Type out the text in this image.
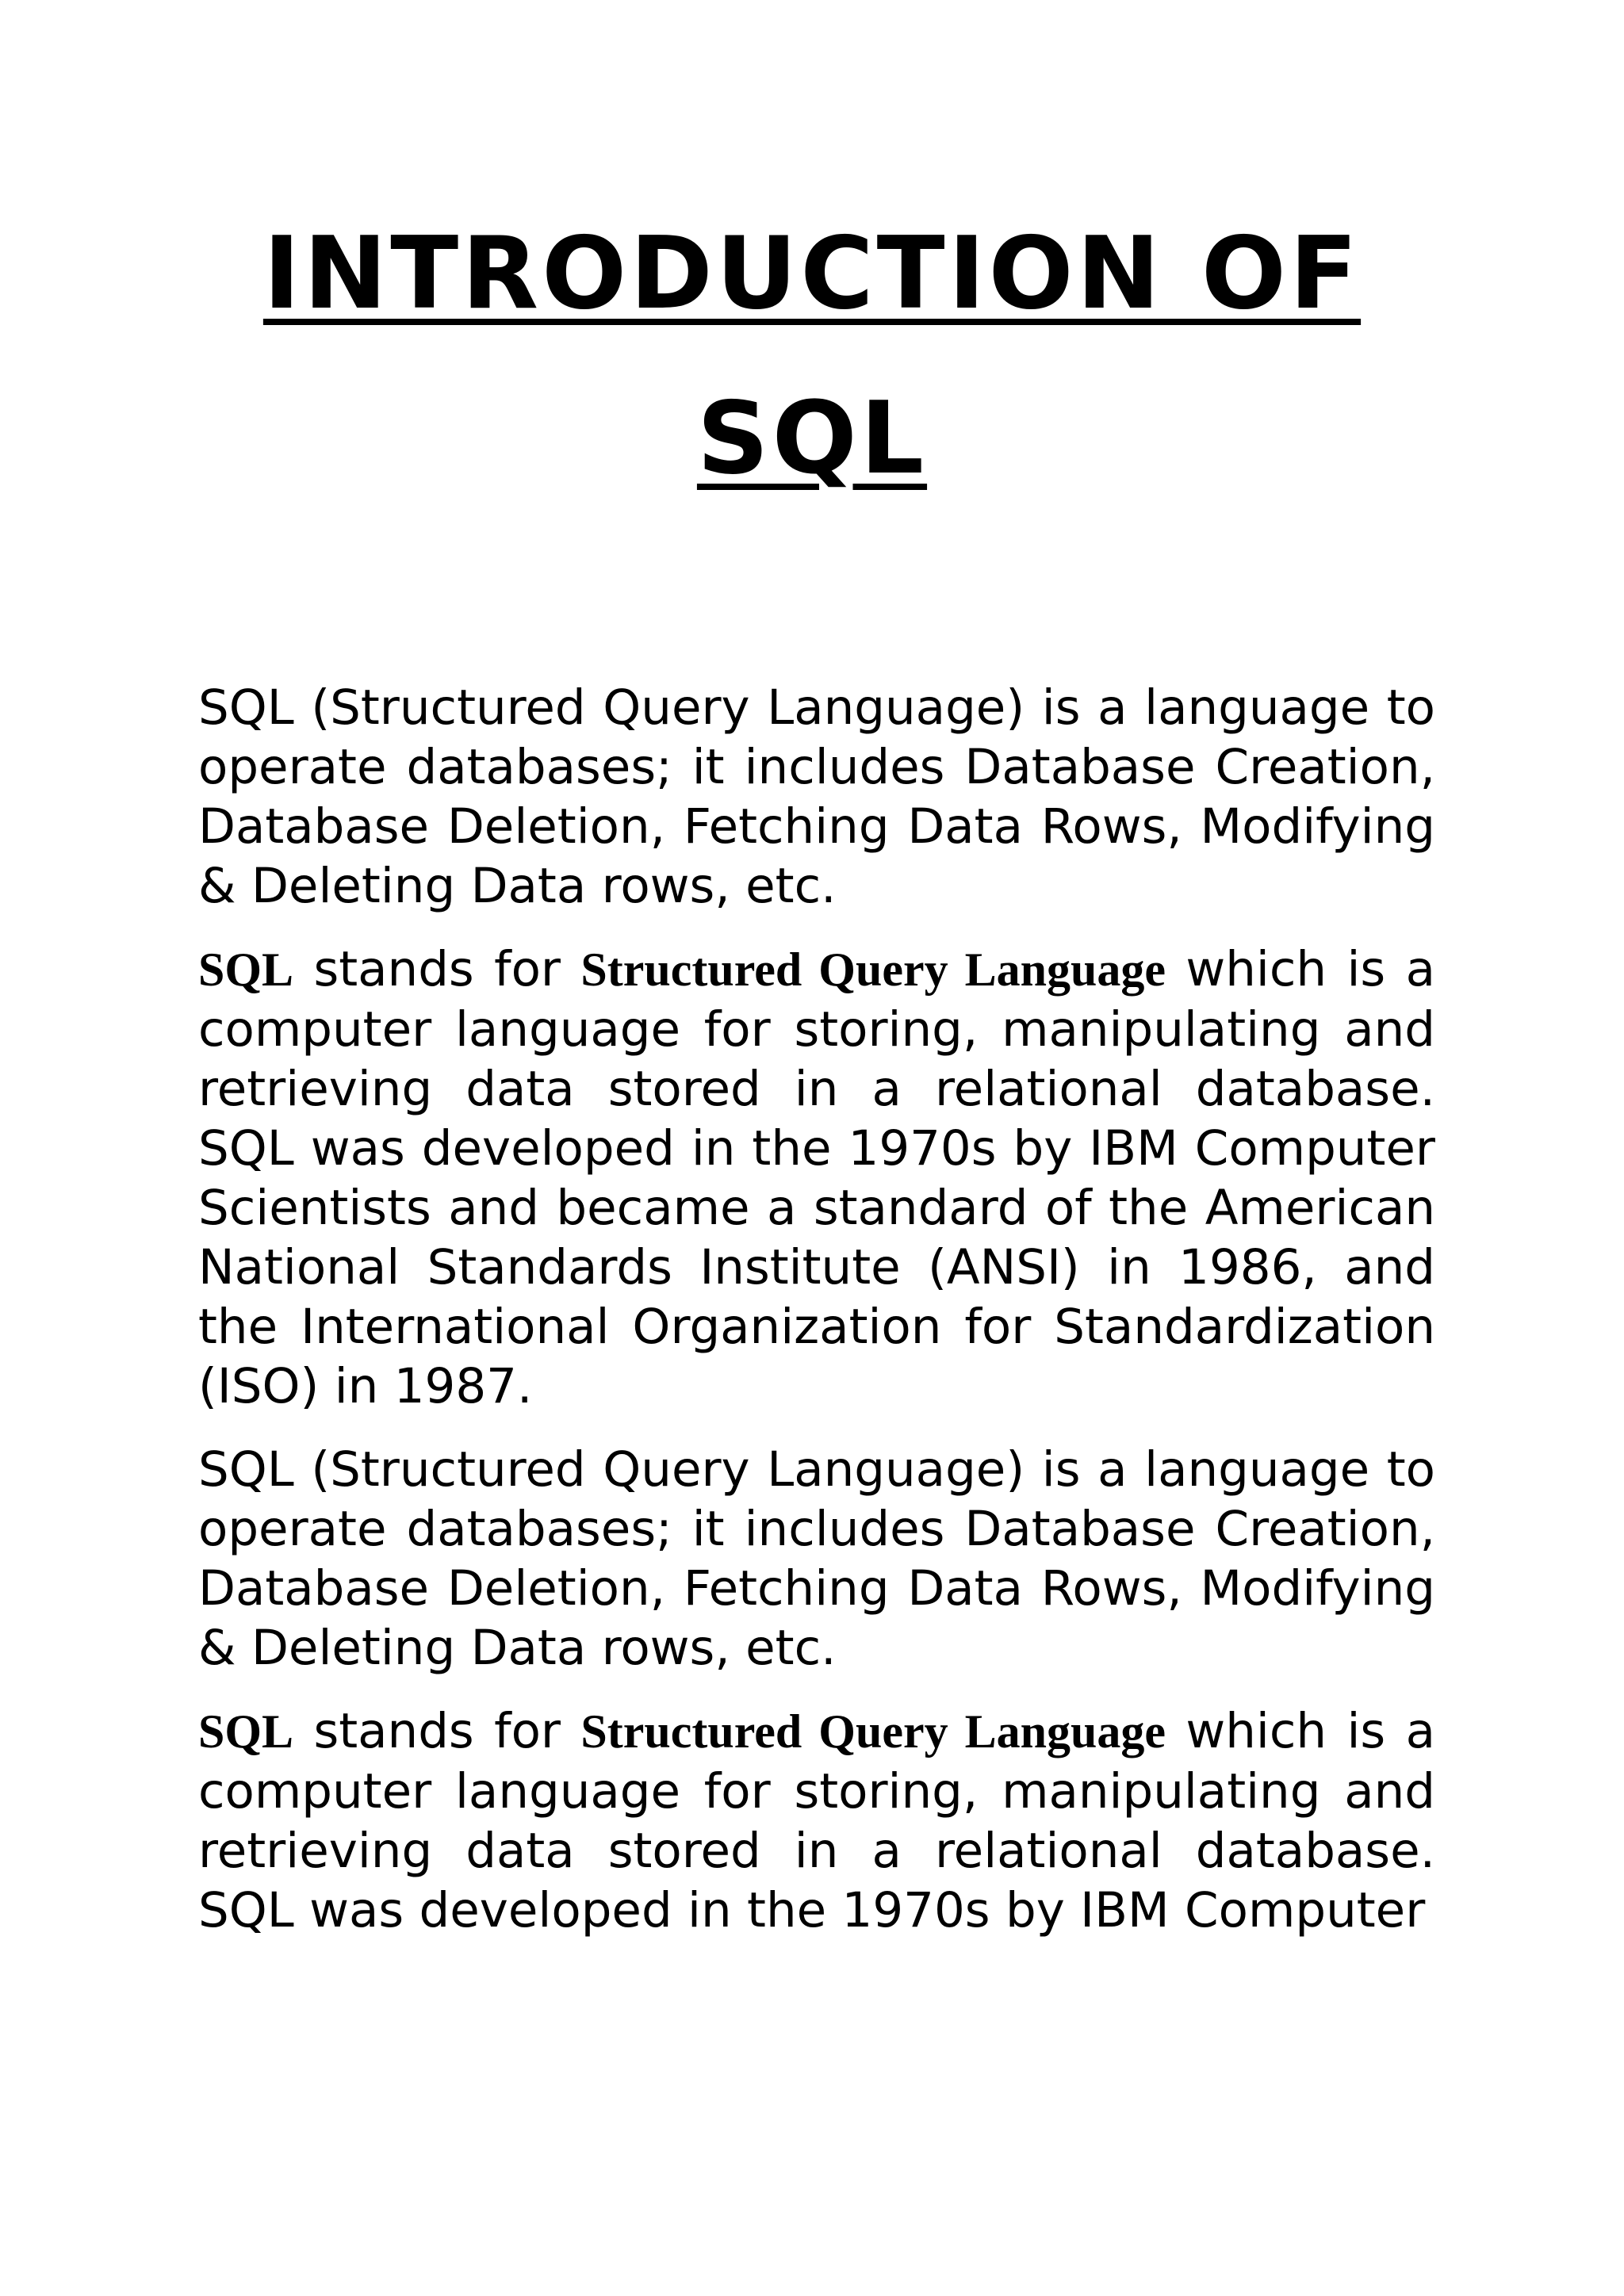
INTRODUCTION OF
SQL

SQL (Structured Query Language) is a language to operate databases; it includes Database Creation, Database Deletion, Fetching Data Rows, Modifying & Deleting Data rows, etc.

SQL stands for Structured Query Language which is a computer language for storing, manipulating and retrieving data stored in a relational database. SQL was developed in the 1970s by IBM Computer Scientists and became a standard of the American National Standards Institute (ANSI) in 1986, and the International Organization for Standardization (ISO) in 1987.

SQL (Structured Query Language) is a language to operate databases; it includes Database Creation, Database Deletion, Fetching Data Rows, Modifying & Deleting Data rows, etc.

SQL stands for Structured Query Language which is a computer language for storing, manipulating and retrieving data stored in a relational database. SQL was developed in the 1970s by IBM Computer
